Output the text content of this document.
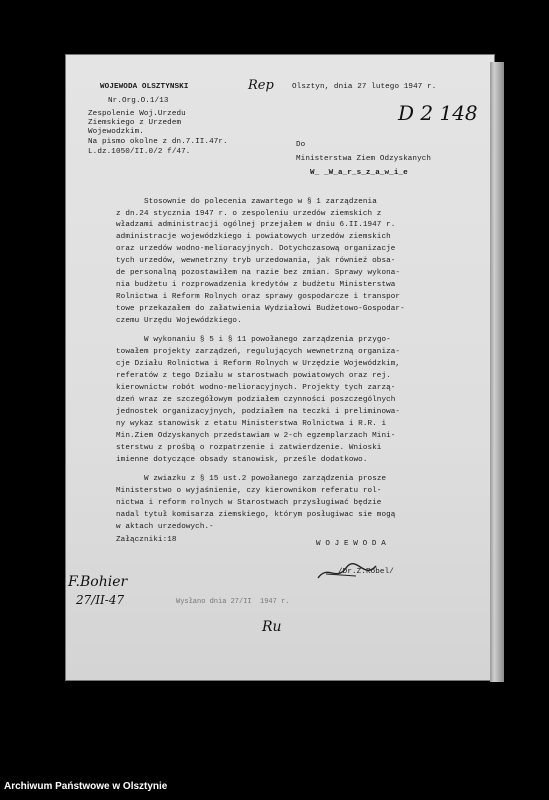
WOJEWODA OLSZTYNSKI
Nr.Org.O.1/13
Zespolenie Woj.Urzedu
Ziemskiego z Urzedem
Wojewodzkim.
Na pismo okolne z dn.7.II.47r.
L.dz.1050/II.0/2 f/47.
Olsztyn, dnia 27 lutego 1947 r.
Rep
D 2 148
Do
Ministerstwa Ziem Odzyskanych
W_ _W_a_r_s_z_a_w_i_e
Stosownie do polecenia zawartego w § 1 zarządzenia
z dn.24 stycznia 1947 r. o zespoleniu urzedów ziemskich z
władzami administracji ogólnej przejałem w dniu 6.II.1947 r.
administracje wojewódzkiego i powiatowych urzedów ziemskich
oraz urzedów wodno-melioracyjnych. Dotychczasową organizacje
tych urzedów, wewnetrzny tryb urzedowania, jak również obsa-
de personalną pozostawiłem na razie bez zmian. Sprawy wykona-
nia budżetu i rozprowadzenia kredytów z budżetu Ministerstwa
Rolnictwa i Reform Rolnych oraz sprawy gospodarcze i transpor
towe przekazałem do załatwienia Wydziałowi Budżetowo-Gospodar-
czemu Urzędu Wojewódzkiego.
W wykonaniu § 5 i § 11 powołanego zarządzenia przygo-
towałem projekty zarządzeń, regulujących wewnetrzną organiza-
cje Działu Rolnictwa i Reform Rolnych w Urzędzie Wojewódzkim,
referatów z tego Działu w starostwach powiatowych oraz rej.
kierownictw robót wodno-melioracyjnych. Projekty tych zarzą-
dzeń wraz ze szczegółowym podziałem czynności poszczególnych
jednostek organizacyjnych, podziałem na teczki i preliminowa-
ny wykaz stanowisk z etatu Ministerstwa Rolnictwa i R.R. i
Min.Ziem Odzyskanych przedstawiam w 2-ch egzemplarzach Mini-
sterstwu z prośbą o rozpatrzenie i zatwierdzenie. Wnioski
imienne dotyczące obsady stanowisk, prześle dodatkowo.
W zwiazku z § 15 ust.2 powołanego zarządzenia prosze
Ministerstwo o wyjaśnienie, czy kierownikom referatu rol-
nictwa i reform rolnych w Starostwach przysługiwać będzie
nadal tytuł komisarza ziemskiego, którym posługiwac sie mogą
w aktach urzedowych.-
Załączniki:18	W O J E W O D A
/Dr.Z.Robel/
F.Bohier
27/II-47	Wysłano dnia 27/II  1947 r.
Ru
Archiwum Państwowe w Olsztynie
